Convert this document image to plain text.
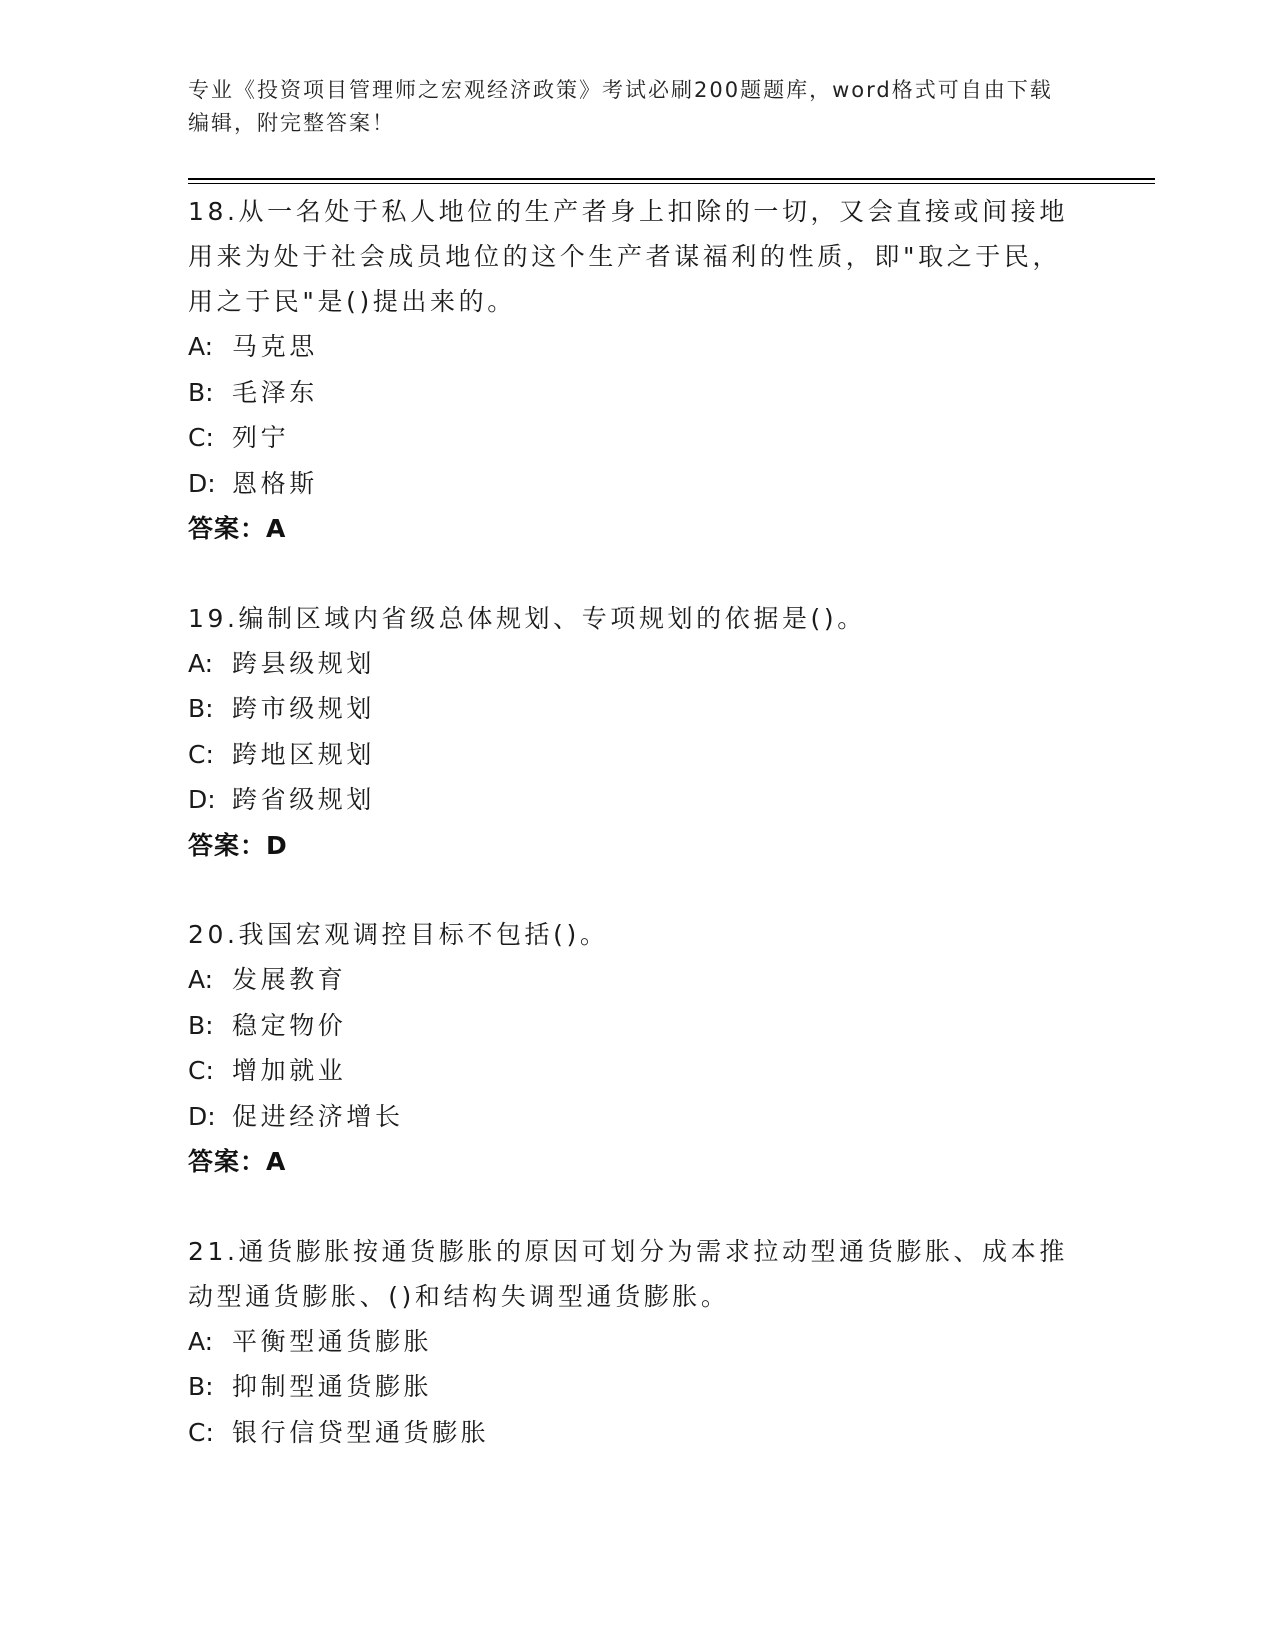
专业《投资项目管理师之宏观经济政策》考试必刷200题题库，word格式可自由下载编辑，附完整答案！
18.从一名处于私人地位的生产者身上扣除的一切，又会直接或间接地用来为处于社会成员地位的这个生产者谋福利的性质，即"取之于民，用之于民"是()提出来的。
A: 马克思
B: 毛泽东
C: 列宁
D: 恩格斯
答案：A
19.编制区域内省级总体规划、专项规划的依据是()。
A: 跨县级规划
B: 跨市级规划
C: 跨地区规划
D: 跨省级规划
答案：D
20.我国宏观调控目标不包括()。
A: 发展教育
B: 稳定物价
C: 增加就业
D: 促进经济增长
答案：A
21.通货膨胀按通货膨胀的原因可划分为需求拉动型通货膨胀、成本推动型通货膨胀、()和结构失调型通货膨胀。
A: 平衡型通货膨胀
B: 抑制型通货膨胀
C: 银行信贷型通货膨胀
